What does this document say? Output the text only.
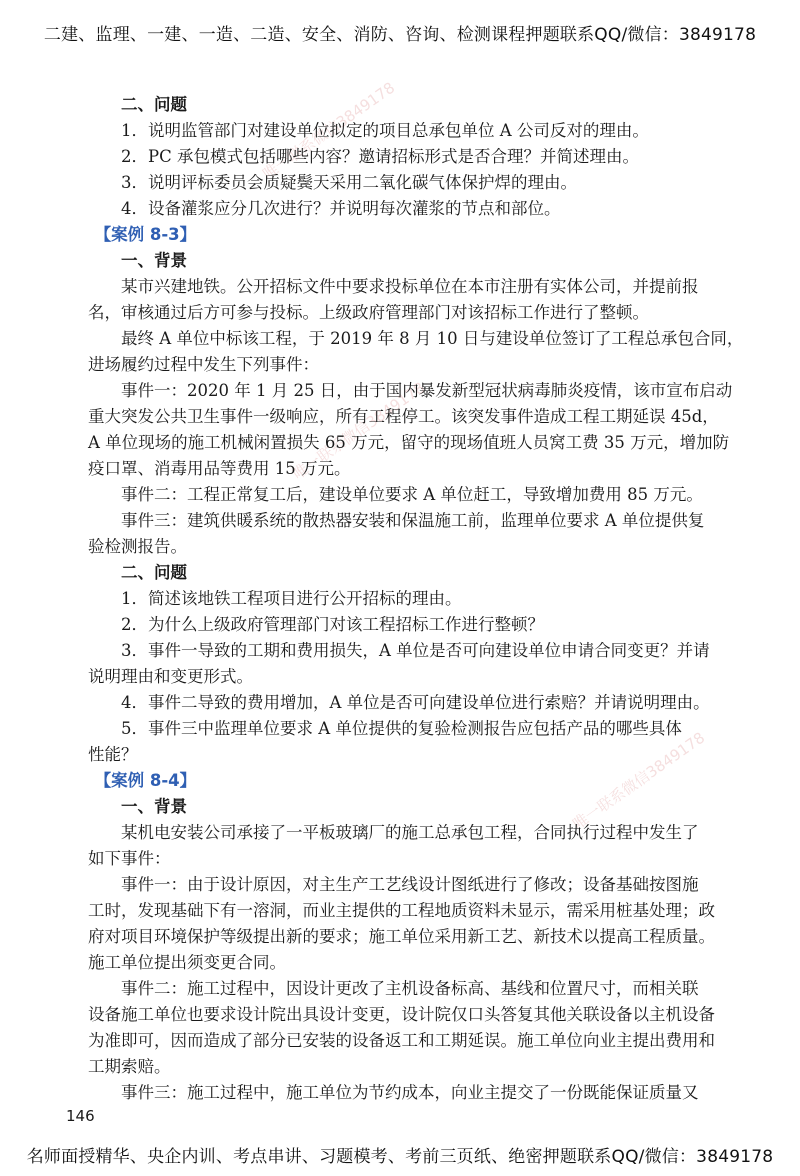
二建、监理、一建、一造、二造、安全、消防、咨询、检测课程押题联系QQ/微信：3849178
唯一联系微信3849178
唯一联系微信3849178
唯一联系微信3849178
二、问题
1．说明监管部门对建设单位拟定的项目总承包单位 A 公司反对的理由。
2．PC 承包模式包括哪些内容？邀请招标形式是否合理？并简述理由。
3．说明评标委员会质疑鬓天采用二氧化碳气体保护焊的理由。
4．设备灌浆应分几次进行？并说明每次灌浆的节点和部位。
【案例 8-3】
一、背景
某市兴建地铁。公开招标文件中要求投标单位在本市注册有实体公司，并提前报
名，审核通过后方可参与投标。上级政府管理部门对该招标工作进行了整顿。
最终 A 单位中标该工程，于 2019 年 8 月 10 日与建设单位签订了工程总承包合同，
进场履约过程中发生下列事件：
事件一：2020 年 1 月 25 日，由于国内暴发新型冠状病毒肺炎疫情，该市宣布启动
重大突发公共卫生事件一级响应，所有工程停工。该突发事件造成工程工期延误 45d，
A 单位现场的施工机械闲置损失 65 万元，留守的现场值班人员窝工费 35 万元，增加防
疫口罩、消毒用品等费用 15 万元。
事件二：工程正常复工后，建设单位要求 A 单位赶工，导致增加费用 85 万元。
事件三：建筑供暖系统的散热器安装和保温施工前，监理单位要求 A 单位提供复
验检测报告。
二、问题
1．简述该地铁工程项目进行公开招标的理由。
2．为什么上级政府管理部门对该工程招标工作进行整顿？
3．事件一导致的工期和费用损失，A 单位是否可向建设单位申请合同变更？并请
说明理由和变更形式。
4．事件二导致的费用增加，A 单位是否可向建设单位进行索赔？并请说明理由。
5．事件三中监理单位要求 A 单位提供的复验检测报告应包括产品的哪些具体
性能？
【案例 8-4】
一、背景
某机电安装公司承接了一平板玻璃厂的施工总承包工程，合同执行过程中发生了
如下事件：
事件一：由于设计原因，对主生产工艺线设计图纸进行了修改；设备基础按图施
工时，发现基础下有一溶洞，而业主提供的工程地质资料未显示，需采用桩基处理；政
府对项目环境保护等级提出新的要求；施工单位采用新工艺、新技术以提高工程质量。
施工单位提出须变更合同。
事件二：施工过程中，因设计更改了主机设备标高、基线和位置尺寸，而相关联
设备施工单位也要求设计院出具设计变更，设计院仅口头答复其他关联设备以主机设备
为准即可，因而造成了部分已安装的设备返工和工期延误。施工单位向业主提出费用和
工期索赔。
事件三：施工过程中，施工单位为节约成本，向业主提交了一份既能保证质量又
146
名师面授精华、央企内训、考点串讲、习题模考、考前三页纸、绝密押题联系QQ/微信：3849178
